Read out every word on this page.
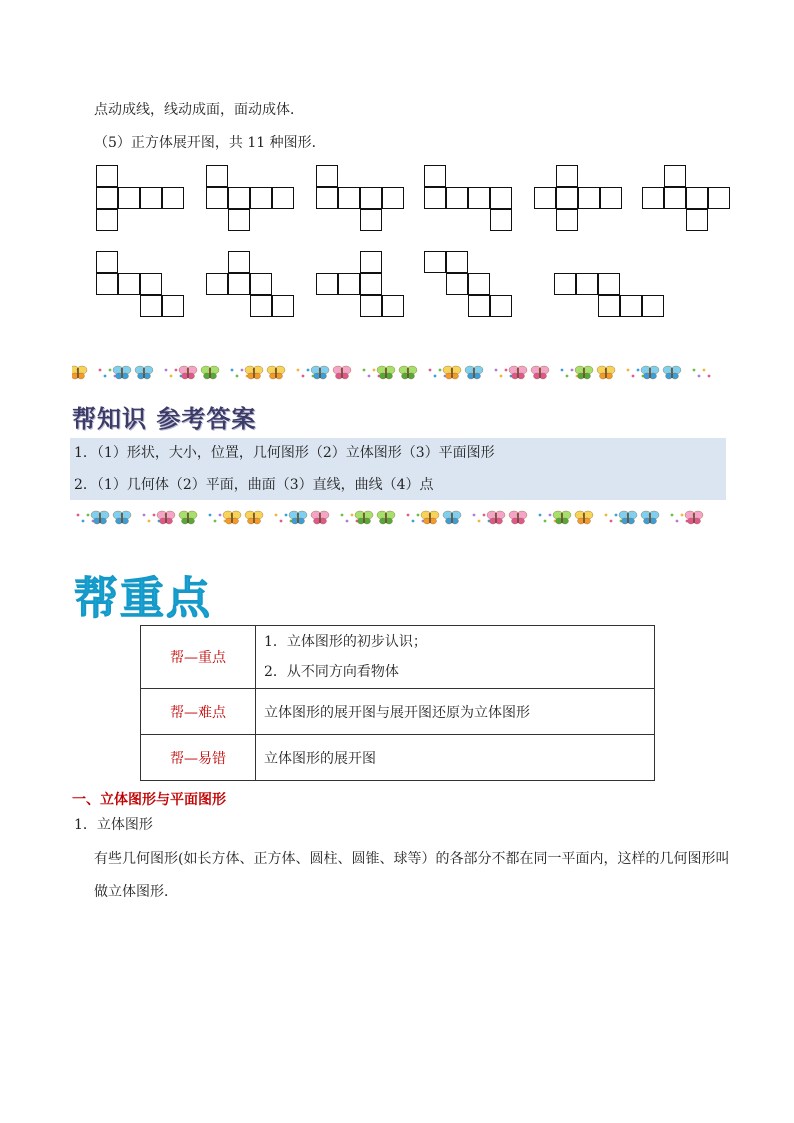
点动成线，线动成面，面动成体．
（5）正方体展开图，共 11 种图形．
帮知识 参考答案
1．（1）形状，大小，位置，几何图形（2）立体图形（3）平面图形
2．（1）几何体（2）平面，曲面（3）直线，曲线（4）点
帮重点
帮—重点	1．立体图形的初步认识；
2．从不同方向看物体

帮—难点	立体图形的展开图与展开图还原为立体图形
帮—易错	立体图形的展开图
一、立体图形与平面图形
1．立体图形
有些几何图形(如长方体、正方体、圆柱、圆锥、球等）的各部分不都在同一平面内，这样的几何图形叫
做立体图形．
